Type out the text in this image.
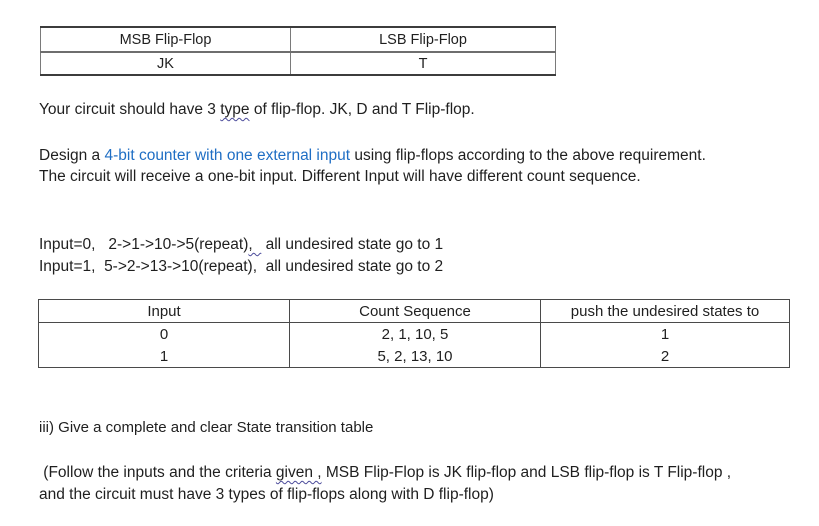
MSB Flip-Flop	LSB Flip-Flop
JK	T
Your circuit should have 3 type of flip-flop. JK, D and T Flip-flop.
Design a 4-bit counter with one external input using flip-flops according to the above requirement.
The circuit will receive a one-bit input. Different Input will have different count sequence.
Input=0,   2->1->10->5(repeat),   all undesired state go to 1
Input=1,  5->2->13->10(repeat),  all undesired state go to 2
Input	Count Sequence	push the undesired states to
0	2, 1, 10, 5	1
1	5, 2, 13, 10	2
iii) Give a complete and clear State transition table
(Follow the inputs and the criteria given , MSB Flip-Flop is JK flip-flop and LSB flip-flop is T Flip-flop ,
and the circuit must have 3 types of flip-flops along with D flip-flop)
